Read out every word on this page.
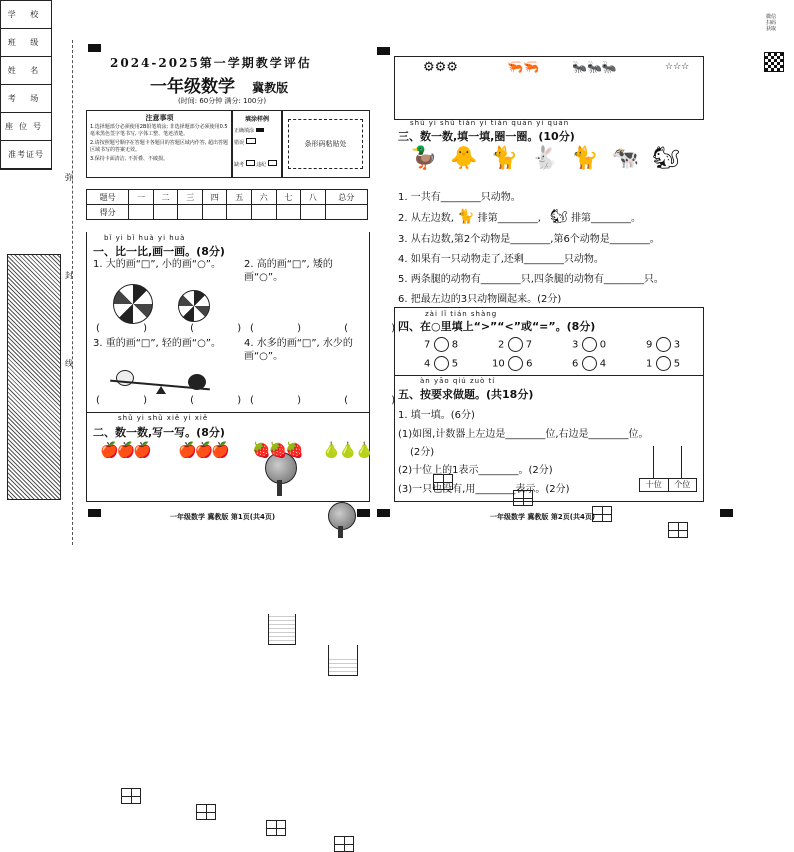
学 校
班 级
姓 名
考 场
座位号
准考证号
弥
封
线
2024-2025第一学期教学评估
一年级数学 冀教版
(时间: 60分钟 满分: 100分)
注意事项
1.选择题部分必须使用2B铅笔填涂; 非选择题部分必须使用0.5毫米黑色签字笔书写, 字体工整、笔迹清楚。
2.请按照题号顺序在答题卡各题目的答题区域内作答, 超出答题区域书写的答案无效。
3.保持卡面清洁, 不折叠、不破损。
填涂样例
正确填涂
错误
缺考 违纪
条形码粘贴处
题号	一	二	三	四	五	六	七	八	总分
得分									
bǐ yi bǐ huà yi huà
一、比一比,画一画。(8分)
1. 大的画“□”, 小的画“○”。 2. 高的画“□”, 矮的画“○”。
( ) ( )
( ) ( )
3. 重的画“□”, 轻的画“○”。 4. 水多的画“□”, 水少的画“○”。
( ) ( )
( ) ( )
shǔ yi shǔ xiě yi xiě
二、数一数,写一写。(8分)
🍎🍎🍎 🍎🍎🍎 🍓🍓🍓 🍐🍐🍐
一年级数学 冀教版 第1页(共4页)
⚙⚙⚙	🦐🦐	🐜🐜🐜	☆☆☆
shǔ yi shǔ tián yi tián quān yi quān
三、数一数,填一填,圈一圈。(10分)
🦆 🐥 🐈 🐇 🐈 🐄 🐿
1. 一共有________只动物。
2. 从左边数, 🐈 排第________, 🐿 排第________。
3. 从右边数,第2个动物是________,第6个动物是________。
4. 如果有一只动物走了,还剩________只动物。
5. 两条腿的动物有________只,四条腿的动物有________只。
6. 把最左边的3只动物圈起来。(2分)
zài lǐ tián shàng
四、在○里填上“>”“<”或“=”。(8分)
7 8	2 7	3 0	9 3
4 5	10 6	6 4	1 5
àn yāo qiú zuò tí
五、按要求做题。(共18分)
1. 填一填。(6分)
(1)如图,计数器上左边是________位,右边是________位。
(2分)
(2)十位上的1表示________。(2分)
(3)一只也没有,用________表示。(2分)	十位	个位
一年级数学 冀教版 第2页(共4页)
微信扫码获取
